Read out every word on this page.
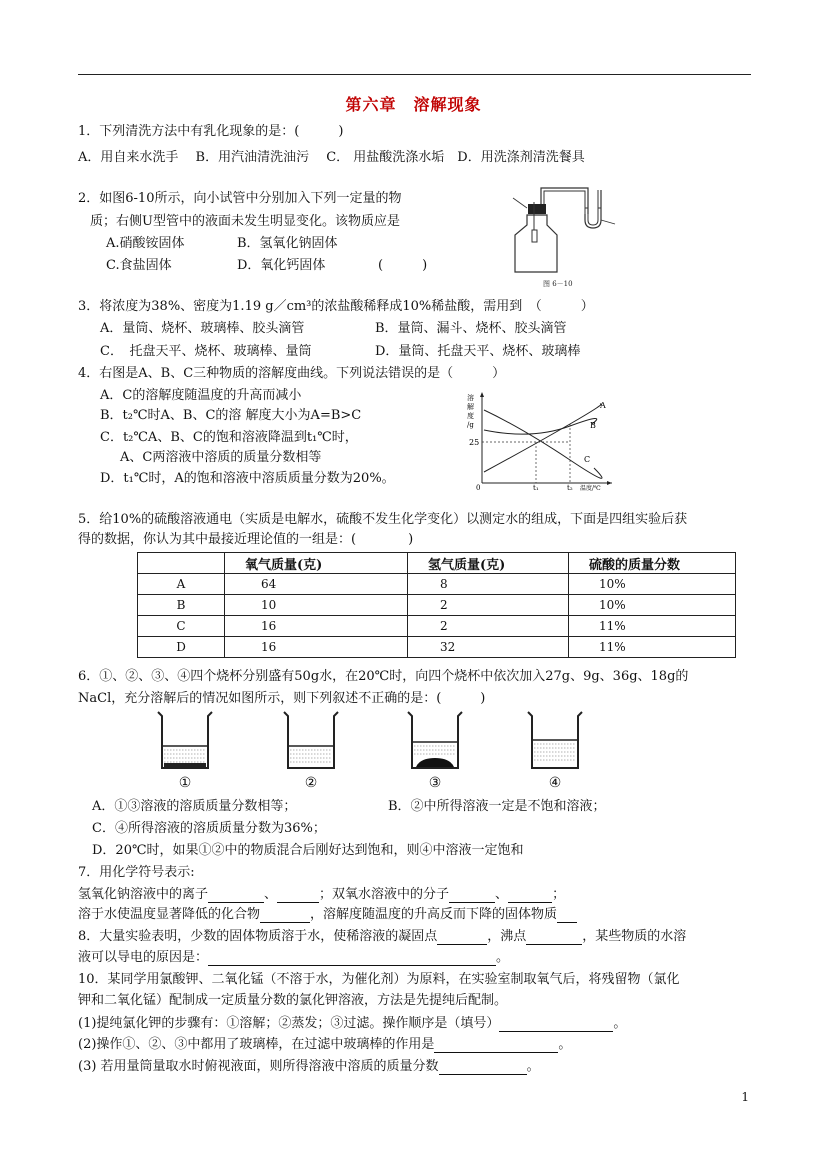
第六章　溶解现象
1．下列清洗方法中有乳化现象的是：(　　　)
A．用自来水洗手　 B．用汽油清洗油污　 C． 用盐酸洗涤水垢　D．用洗涤剂清洗餐具
2．如图6-10所示，向小试管中分别加入下列一定量的物
质；右侧U型管中的液面未发生明显变化。该物质应是
A.硝酸铵固体	B．氢氧化钠固体
C.食盐固体	D．氧化钙固体	(　　　)
图 6－10
3．将浓度为38%、密度为1.19 g／cm³的浓盐酸稀释成10%稀盐酸，需用到　（　　　）
A．量筒、烧杯、玻璃棒、胶头滴管	B．量筒、漏斗、烧杯、胶头滴管
C．　托盘天平、烧杯、玻璃棒、量筒	D．量筒、托盘天平、烧杯、玻璃棒
4．右图是A、B、C三种物质的溶解度曲线。下列说法错误的是（　　　）
A．C的溶解度随温度的升高而减小
B．t₂℃时A、B、C的溶 解度大小为A=B>C
C．t₂℃A、B、C的饱和溶液降温到t₁℃时，
A、C两溶液中溶质的质量分数相等
D．t₁℃时，A的饱和溶液中溶质质量分数为20%。
溶
解
度
/g
25
0	t₁	t₂ 温度/℃
A
B
C
5．给10%的硫酸溶液通电（实质是电解水，硫酸不发生化学变化）以测定水的组成，下面是四组实验后获
得的数据，你认为其中最接近理论值的一组是：(　　　　)
	氧气质量(克)	氢气质量(克)	硫酸的质量分数
A	64	8	10%
B	10	2	10%
C	16	2	11%
D	16	32	11%
6．①、②、③、④四个烧杯分别盛有50g水，在20℃时，向四个烧杯中依次加入27g、9g、36g、18g的
NaCl，充分溶解后的情况如图所示，则下列叙述不正确的是：(　　　)
①	②	③	④
A．①③溶液的溶质质量分数相等；	B．②中所得溶液一定是不饱和溶液；
C．④所得溶液的溶质质量分数为36%；
D．20℃时，如果①②中的物质混合后刚好达到饱和，则④中溶液一定饱和
7．用化学符号表示:
氢氧化钠溶液中的离子	、	；双氧水溶液中的分子	、	；
溶于水使温度显著降低的化合物	，溶解度随温度的升高反而下降的固体物质
8．大量实验表明，少数的固体物质溶于水，使稀溶液的凝固点	，沸点	，某些物质的水溶
液可以导电的原因是：	。
10．某同学用氯酸钾、二氧化锰（不溶于水，为催化剂）为原料，在实验室制取氧气后，将残留物（氯化
钾和二氧化锰）配制成一定质量分数的氯化钾溶液，方法是先提纯后配制。
(1)提纯氯化钾的步骤有：①溶解；②蒸发；③过滤。操作顺序是（填号）	。
(2)操作①、②、③中都用了玻璃棒，在过滤中玻璃棒的作用是	。
(3) 若用量筒量取水时俯视液面，则所得溶液中溶质的质量分数	。
1
